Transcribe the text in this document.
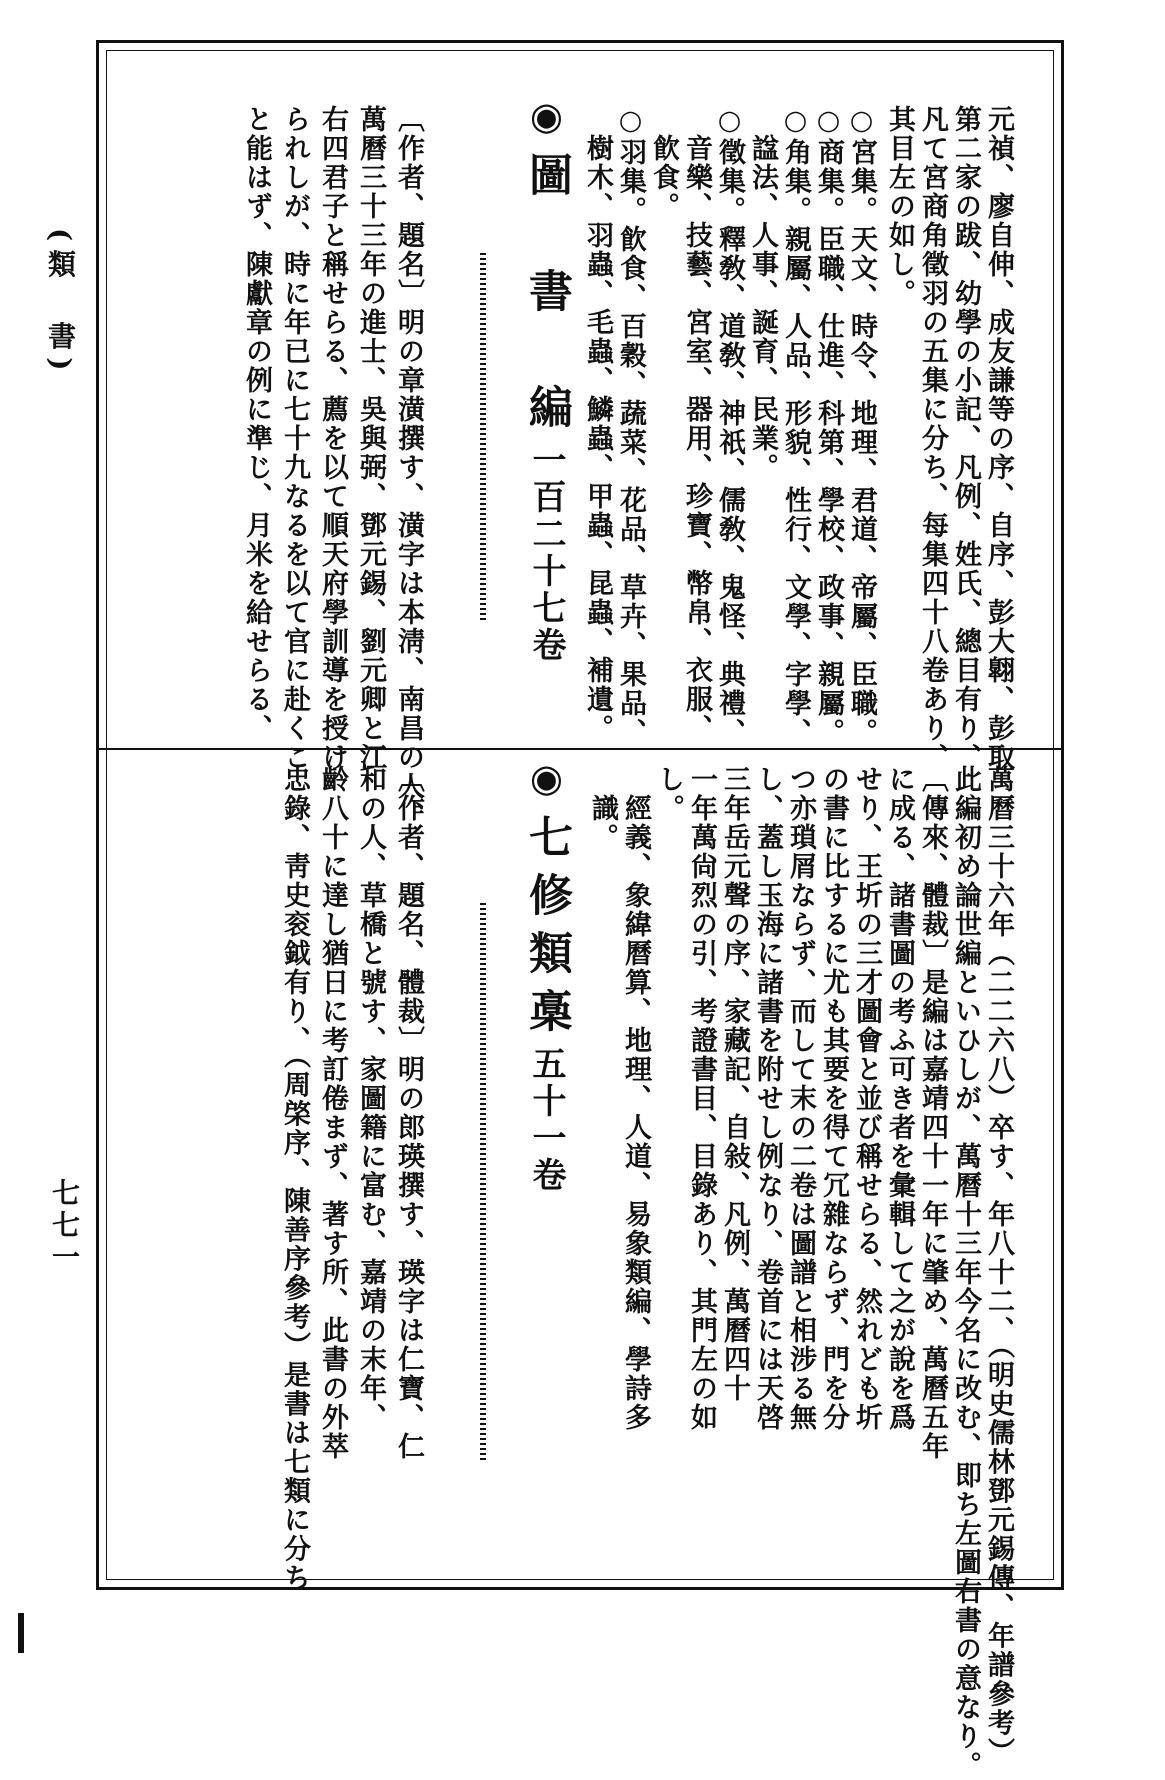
元禎、廖自伸、成友謙等の序、自序、彭大翺、彭取
第二家の跋、幼學の小記、凡例、姓氏、總目有り、
凡て宮商角徵羽の五集に分ち、每集四十八卷あり、
其目左の如し。
○宮集。天文、時令、地理、君道、帝屬、臣職。
○商集。臣職、仕進、科第、學校、政事、親屬。
○角集。親屬、人品、形貌、性行、文學、字學、
　諡法、人事、誕育、民業。
○徵集。釋敎、道敎、神祇、儒敎、鬼怪、典禮、
　音樂、技藝、宮室、器用、珍寶、幣帛、衣服、
　飮食。
○羽集。飮食、百穀、蔬菜、花品、草卉、果品、
　樹木、羽蟲、毛蟲、鱗蟲、甲蟲、昆蟲、補遺。
◉圖　書　編一百二十七卷
〔作者、題名〕明の章潢撰す、潢字は本淸、南昌の人、
萬曆三十三年の進士、吳與弼、鄧元錫、劉元卿と江
右四君子と稱せらる、薦を以て順天府學訓導を授け
られしが、時に年已に七十九なるを以て官に赴くこ
と能はず、陳獻章の例に準じ、月米を給せらる、
萬曆三十六年（二二六八）卒す、年八十二、（明史儒林鄧元錫傳、年譜參考）
此編初め論世編といひしが、萬曆十三年今名に改む、即ち左圖右書の意なり。
〔傳來、體裁〕是編は嘉靖四十一年に肇め、萬曆五年
に成る、諸書圖の考ふ可き者を彙輯して之が說を爲
せり、王圻の三才圖會と並び稱せらる、然れども圻
の書に比するに尤も其要を得て冗雜ならず、門を分
つ亦瑣屑ならず、而して末の二卷は圖譜と相涉る無
し、蓋し玉海に諸書を附せし例なり、卷首には天啓
三年岳元聲の序、家藏記、自敍、凡例、萬曆四十
一年萬尙烈の引、考證書目、目錄あり、其門左の如
し。
　經義、象緯曆算、地理、人道、易象類編、學詩多
　識。
◉七修類槀五十一卷
〔作者、題名、體裁〕明の郎瑛撰す、瑛字は仁寶、仁
和の人、草橋と號す、家圖籍に富む、嘉靖の末年、
齡八十に達し猶日に考訂倦まず、著す所、此書の外萃
忠錄、靑史衮鉞有り、（周棨序、陳善序參考）是書は七類に分ち
(類　書)
七七一
